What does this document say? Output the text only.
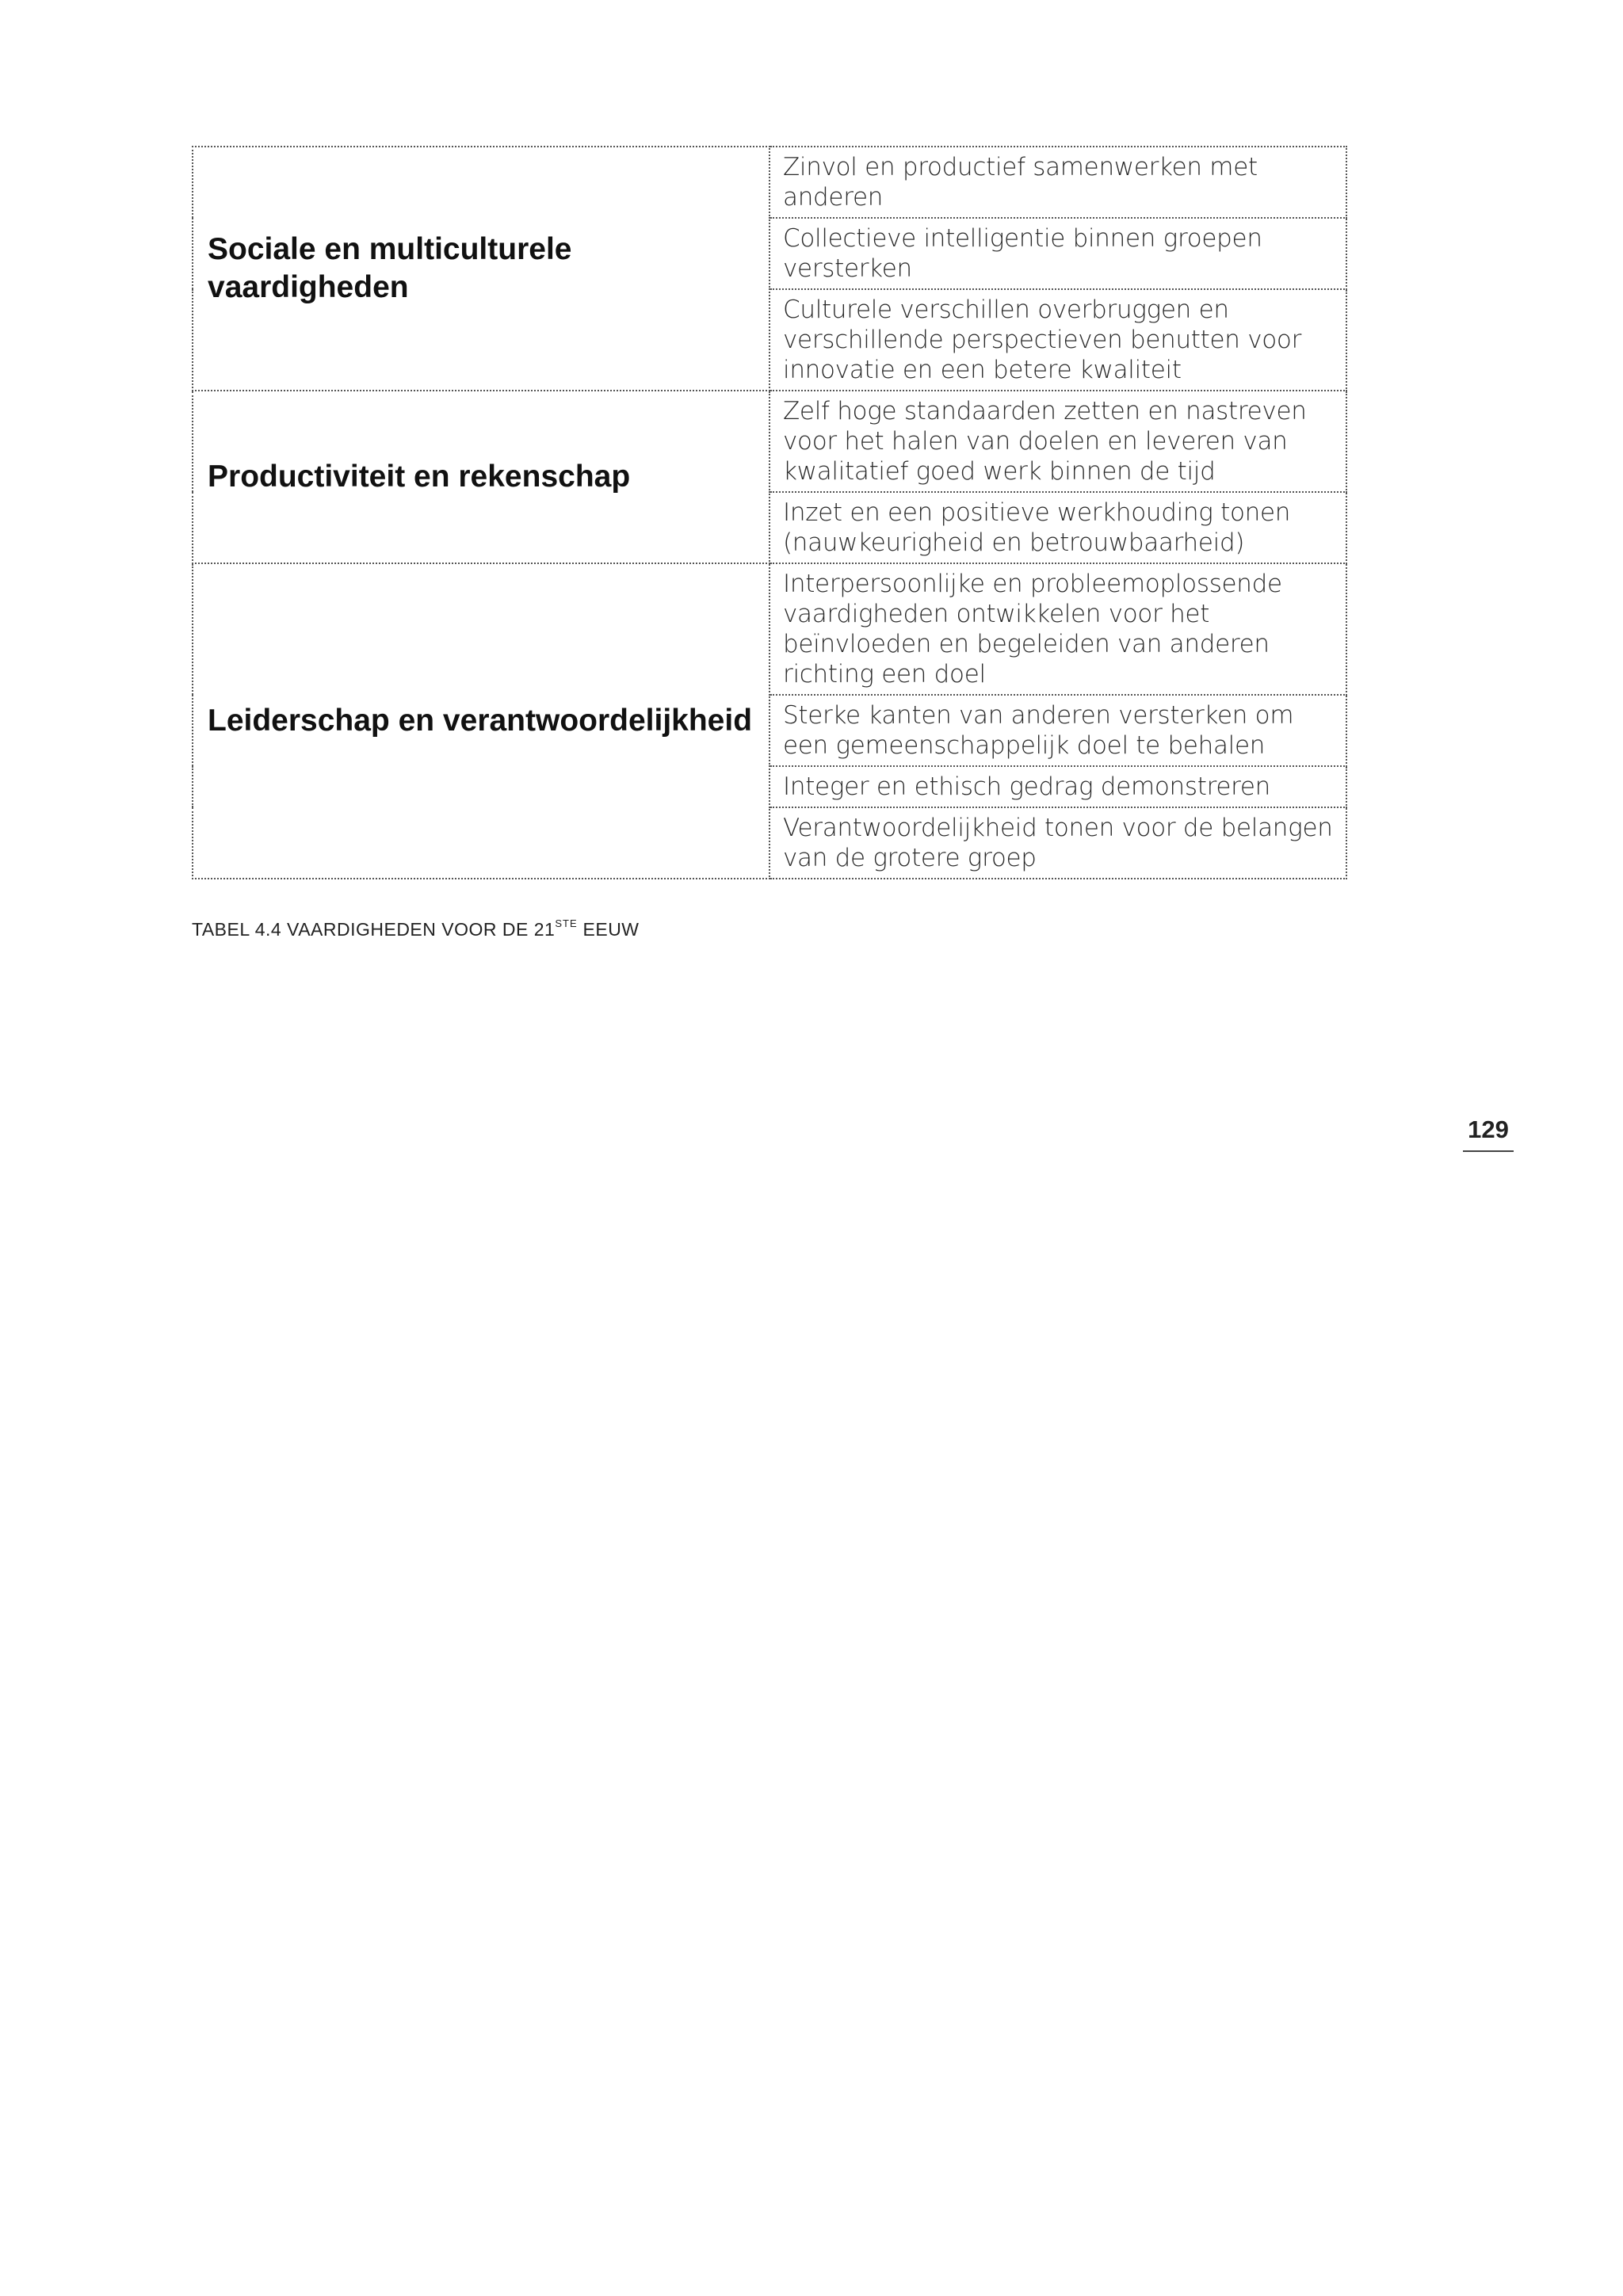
Sociale en multiculturele vaardigheden	Zinvol en productief samenwerken met anderen
	Collectieve intelligentie binnen groepen versterken
	Culturele verschillen overbruggen en verschillende perspectieven benutten voor innovatie en een betere kwaliteit
Productiviteit en rekenschap	Zelf hoge standaarden zetten en nastreven voor het halen van doelen en leveren van kwalitatief goed werk binnen de tijd
	Inzet en een positieve werkhouding tonen (nauwkeurigheid en betrouwbaarheid)
Leiderschap en verantwoordelijkheid	Interpersoonlijke en probleemoplossende vaardigheden ontwikkelen voor het beïnvloeden en begeleiden van anderen richting een doel
	Sterke kanten van anderen versterken om een gemeenschappelijk doel te behalen
	Integer en ethisch gedrag demonstreren
	Verantwoordelijkheid tonen voor de belangen van de grotere groep
TABEL 4.4 VAARDIGHEDEN VOOR DE 21STE EEUW
129
